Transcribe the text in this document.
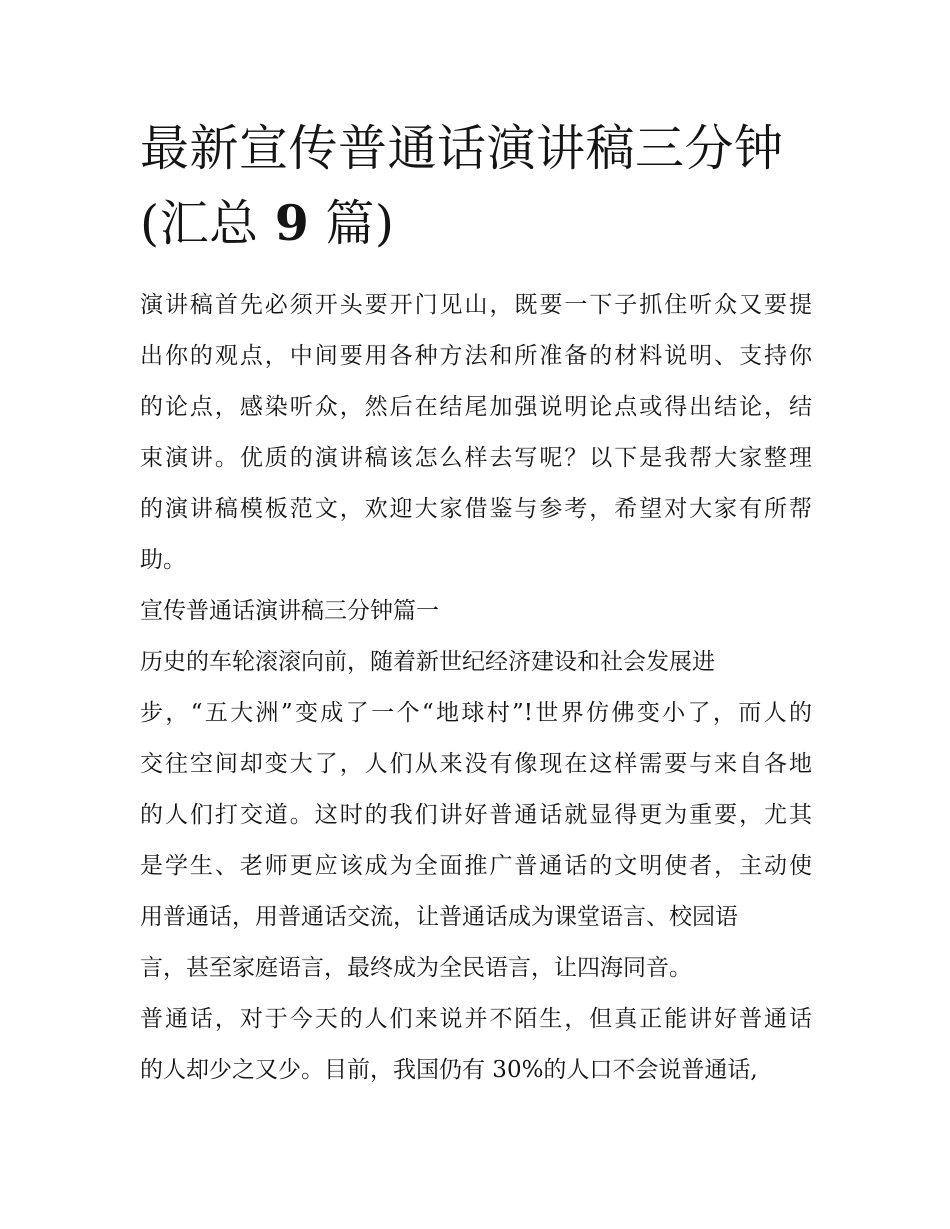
最新宣传普通话演讲稿三分钟
(汇总 9 篇)

演讲稿首先必须开头要开门见山，既要一下子抓住听众又要提
出你的观点，中间要用各种方法和所准备的材料说明、支持你
的论点，感染听众，然后在结尾加强说明论点或得出结论，结
束演讲。优质的演讲稿该怎么样去写呢？以下是我帮大家整理
的演讲稿模板范文，欢迎大家借鉴与参考，希望对大家有所帮
助。

宣传普通话演讲稿三分钟篇一

历史的车轮滚滚向前，随着新世纪经济建设和社会发展进
步，“五大洲”变成了一个“地球村”!世界仿佛变小了，而人的
交往空间却变大了，人们从来没有像现在这样需要与来自各地
的人们打交道。这时的我们讲好普通话就显得更为重要，尤其
是学生、老师更应该成为全面推广普通话的文明使者，主动使
用普通话，用普通话交流，让普通话成为课堂语言、校园语
言，甚至家庭语言，最终成为全民语言，让四海同音。

普通话，对于今天的人们来说并不陌生，但真正能讲好普通话
的人却少之又少。目前，我国仍有 30%的人口不会说普通话,
